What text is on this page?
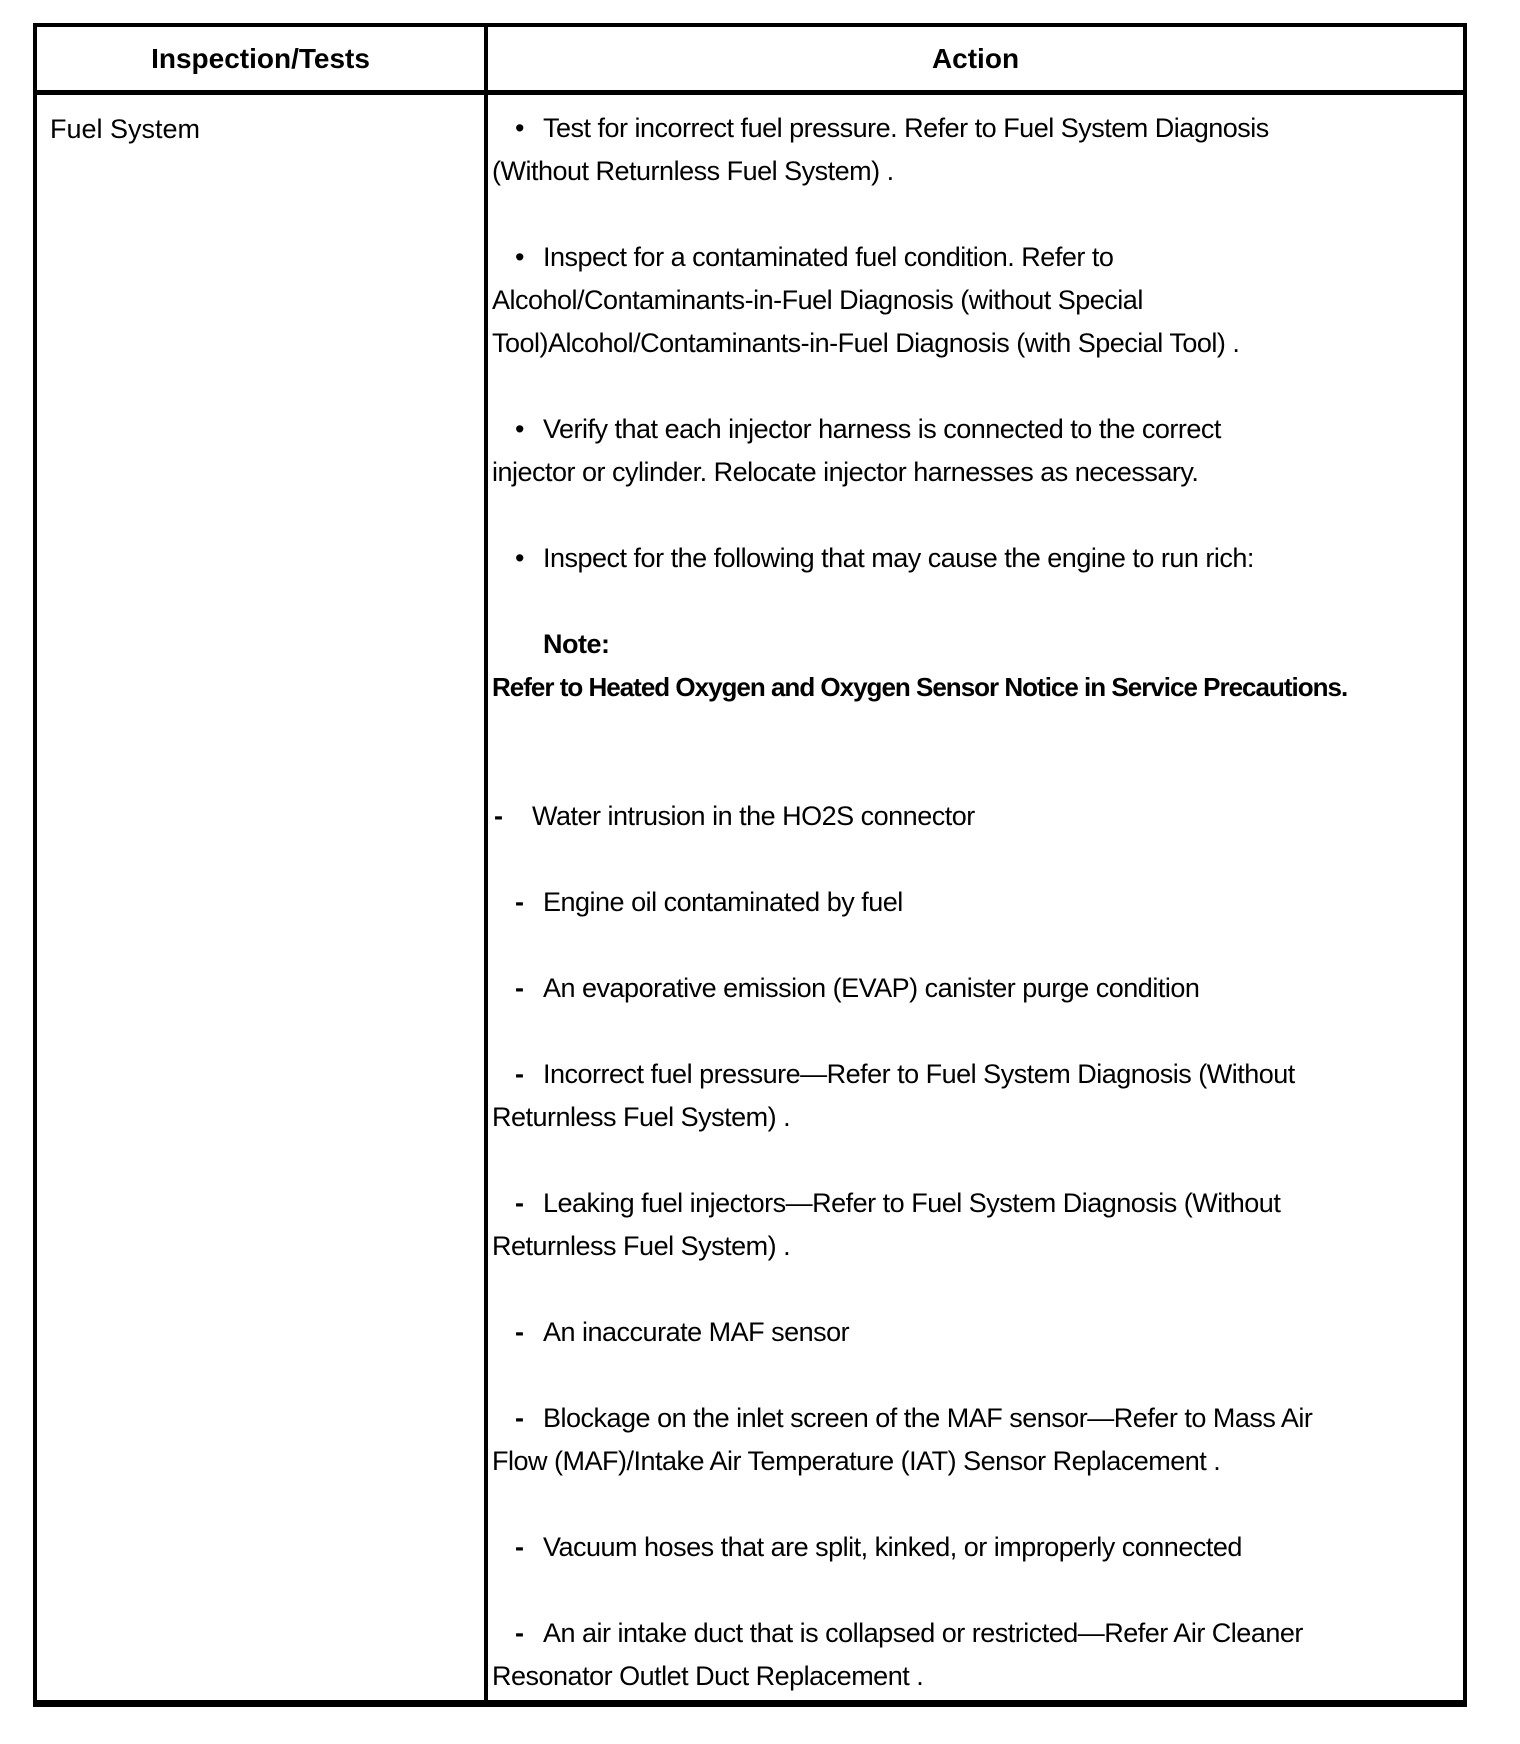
Inspection/Tests	Action
Fuel System	• Test for incorrect fuel pressure. Refer to Fuel System Diagnosis
(Without Returnless Fuel System) .
• Inspect for a contaminated fuel condition. Refer to
Alcohol/Contaminants-in-Fuel Diagnosis (without Special
Tool)Alcohol/Contaminants-in-Fuel Diagnosis (with Special Tool) .
• Verify that each injector harness is connected to the correct
injector or cylinder. Relocate injector harnesses as necessary.
• Inspect for the following that may cause the engine to run rich:
Note:
Refer to Heated Oxygen and Oxygen Sensor Notice in Service Precautions.
- Water intrusion in the HO2S connector
- Engine oil contaminated by fuel
- An evaporative emission (EVAP) canister purge condition
- Incorrect fuel pressure—Refer to Fuel System Diagnosis (Without
Returnless Fuel System) .
- Leaking fuel injectors—Refer to Fuel System Diagnosis (Without
Returnless Fuel System) .
- An inaccurate MAF sensor
- Blockage on the inlet screen of the MAF sensor—Refer to Mass Air
Flow (MAF)/Intake Air Temperature (IAT) Sensor Replacement .
- Vacuum hoses that are split, kinked, or improperly connected
- An air intake duct that is collapsed or restricted—Refer Air Cleaner
Resonator Outlet Duct Replacement .
